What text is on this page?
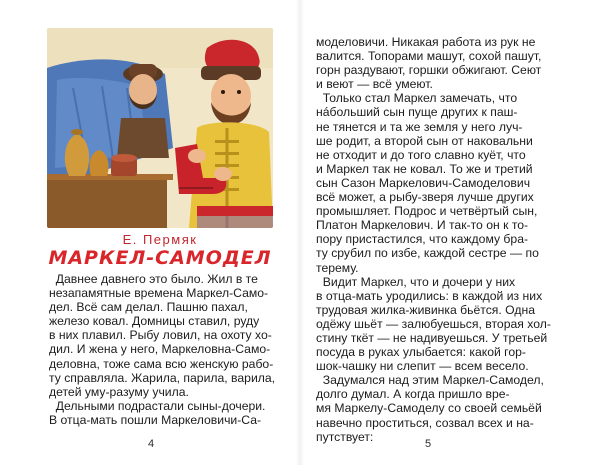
Е. Пермяк
МАРКЕЛ-САМОДЕЛ
Давнее давнего это было. Жил в те
незапамятные времена Маркел-Само-
дел. Всё сам делал. Пашню пахал,
железо ковал. Домницы ставил, руду
в них плавил. Рыбу ловил, на охоту хо-
дил. И жена у него, Маркеловна-Само-
деловна, тоже сама всю женскую рабо-
ту справляла. Жарила, парила, варила,
детей уму-разуму учила.
Дельными подрастали сыны-дочери.
В отца-мать пошли Маркеловичи-Са-
4
моделовичи. Никакая работа из рук не
валится. Топорами машут, сохой пашут,
горн раздувают, горшки обжигают. Сеют
и веют — всё умеют.
Только стал Маркел замечать, что
нáбольший сын пуще других к паш-
не тянется и та же земля у него луч-
ше родит, а второй сын от наковальни
не отходит и до того славно куёт, что
и Маркел так не ковал. То же и третий
сын Сазон Маркелович-Самоделович
всё может, а рыбу-зверя лучше других
промышляет. Подрос и четвёртый сын,
Платон Маркелович. И так-то он к то-
пору пристастился, что каждому бра-
ту срубил по избе, каждой сестре — по
терему.
Видит Маркел, что и дочери у них
в отца-мать уродились: в каждой из них
трудовая жилка-живинка бьётся. Одна
одёжу шьёт — залюбуешься, вторая хол-
стину ткёт — не надивуешься. У третьей
посуда в руках улыбается: какой гор-
шок-чашку ни слепит — всем весело.
Задумался над этим Маркел-Самодел,
долго думал. А когда пришло вре-
мя Маркелу-Самоделу со своей семьёй
навечно проститься, созвал всех и на-
путствует:
5
